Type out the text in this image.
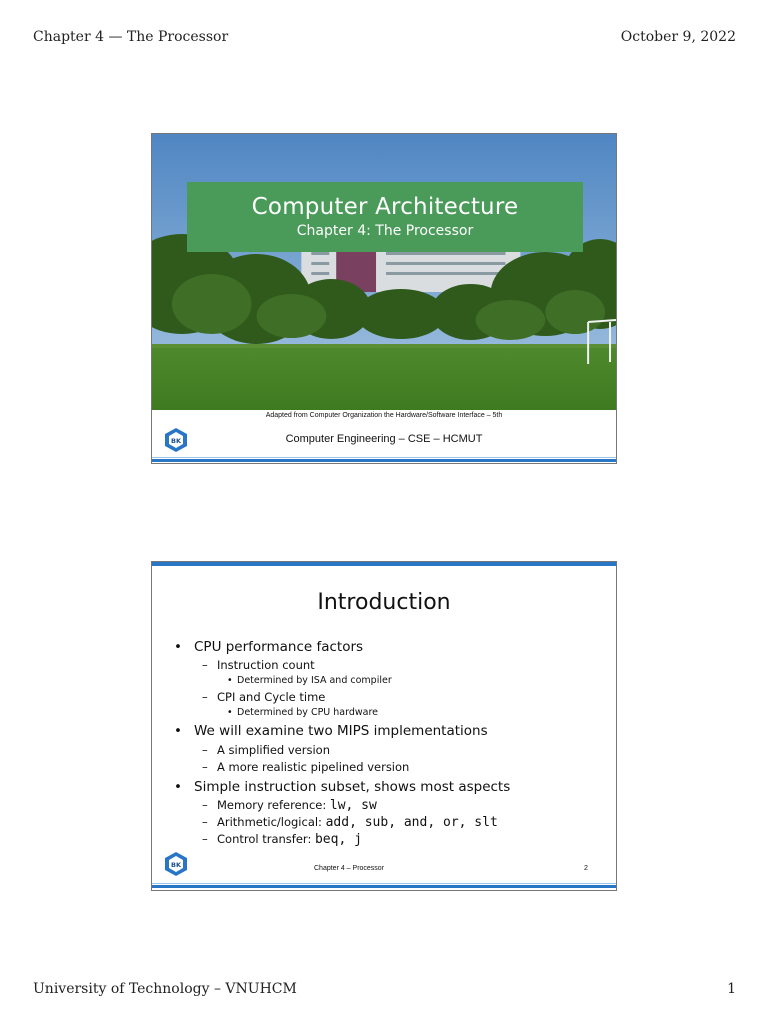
Chapter 4 — The Processor	October 9, 2022
Computer Architecture
Chapter 4: The Processor
Adapted from Computer Organization the Hardware/Software Interface – 5th
Computer Engineering – CSE – HCMUT
BK
Introduction
• CPU performance factors
– Instruction count
• Determined by ISA and compiler
– CPI and Cycle time
• Determined by CPU hardware
• We will examine two MIPS implementations
– A simplified version
– A more realistic pipelined version
• Simple instruction subset, shows most aspects
– Memory reference: lw, sw
– Arithmetic/logical: add, sub, and, or, slt
– Control transfer: beq, j
BK	Chapter 4 – Processor	2
University of Technology – VNUHCM	1
